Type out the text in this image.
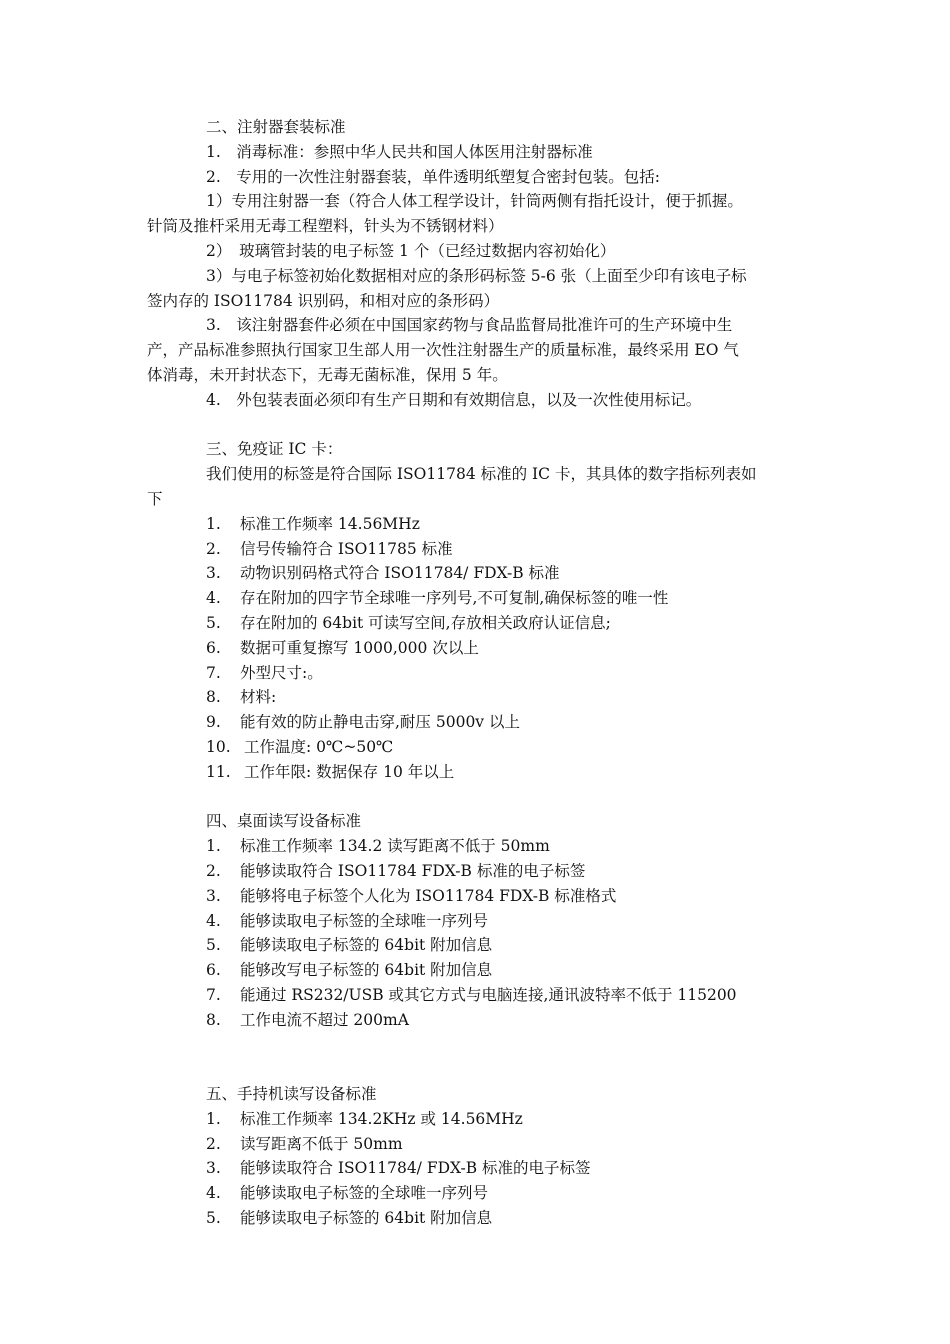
二、注射器套装标准
1.　消毒标准：参照中华人民共和国人体医用注射器标准
2.　专用的一次性注射器套装，单件透明纸塑复合密封包装。包括:
1）专用注射器一套（符合人体工程学设计，针筒两侧有指托设计，便于抓握。
针筒及推杆采用无毒工程塑料，针头为不锈钢材料）
2）　玻璃管封装的电子标签 1 个（已经过数据内容初始化）
3）与电子标签初始化数据相对应的条形码标签 5-6 张（上面至少印有该电子标
签内存的 ISO11784 识别码，和相对应的条形码）
3.　该注射器套件必须在中国国家药物与食品监督局批准许可的生产环境中生
产，产品标准参照执行国家卫生部人用一次性注射器生产的质量标准，最终采用 EO 气
体消毒，未开封状态下，无毒无菌标准，保用 5 年。
4.　外包装表面必须印有生产日期和有效期信息，以及一次性使用标记。
三、免疫证 IC 卡：
我们使用的标签是符合国际 ISO11784 标准的 IC 卡，其具体的数字指标列表如
下
1. 标准工作频率 14.56MHz
2. 信号传输符合 ISO11785 标准
3. 动物识别码格式符合 ISO11784/ FDX-B 标准
4. 存在附加的四字节全球唯一序列号,不可复制,确保标签的唯一性
5. 存在附加的 64bit 可读写空间,存放相关政府认证信息;
6. 数据可重复擦写 1000,000 次以上
7. 外型尺寸:。
8. 材料:
9. 能有效的防止静电击穿,耐压 5000v 以上
10. 工作温度: 0℃~50℃
11. 工作年限: 数据保存 10 年以上
四、桌面读写设备标准
1. 标准工作频率 134.2 读写距离不低于 50mm
2. 能够读取符合 ISO11784 FDX-B 标准的电子标签
3. 能够将电子标签个人化为 ISO11784 FDX-B 标准格式
4. 能够读取电子标签的全球唯一序列号
5. 能够读取电子标签的 64bit 附加信息
6. 能够改写电子标签的 64bit 附加信息
7. 能通过 RS232/USB 或其它方式与电脑连接,通讯波特率不低于 115200
8. 工作电流不超过 200mA
五、手持机读写设备标准
1. 标准工作频率 134.2KHz 或 14.56MHz
2. 读写距离不低于 50mm
3. 能够读取符合 ISO11784/ FDX-B 标准的电子标签
4. 能够读取电子标签的全球唯一序列号
5. 能够读取电子标签的 64bit 附加信息
